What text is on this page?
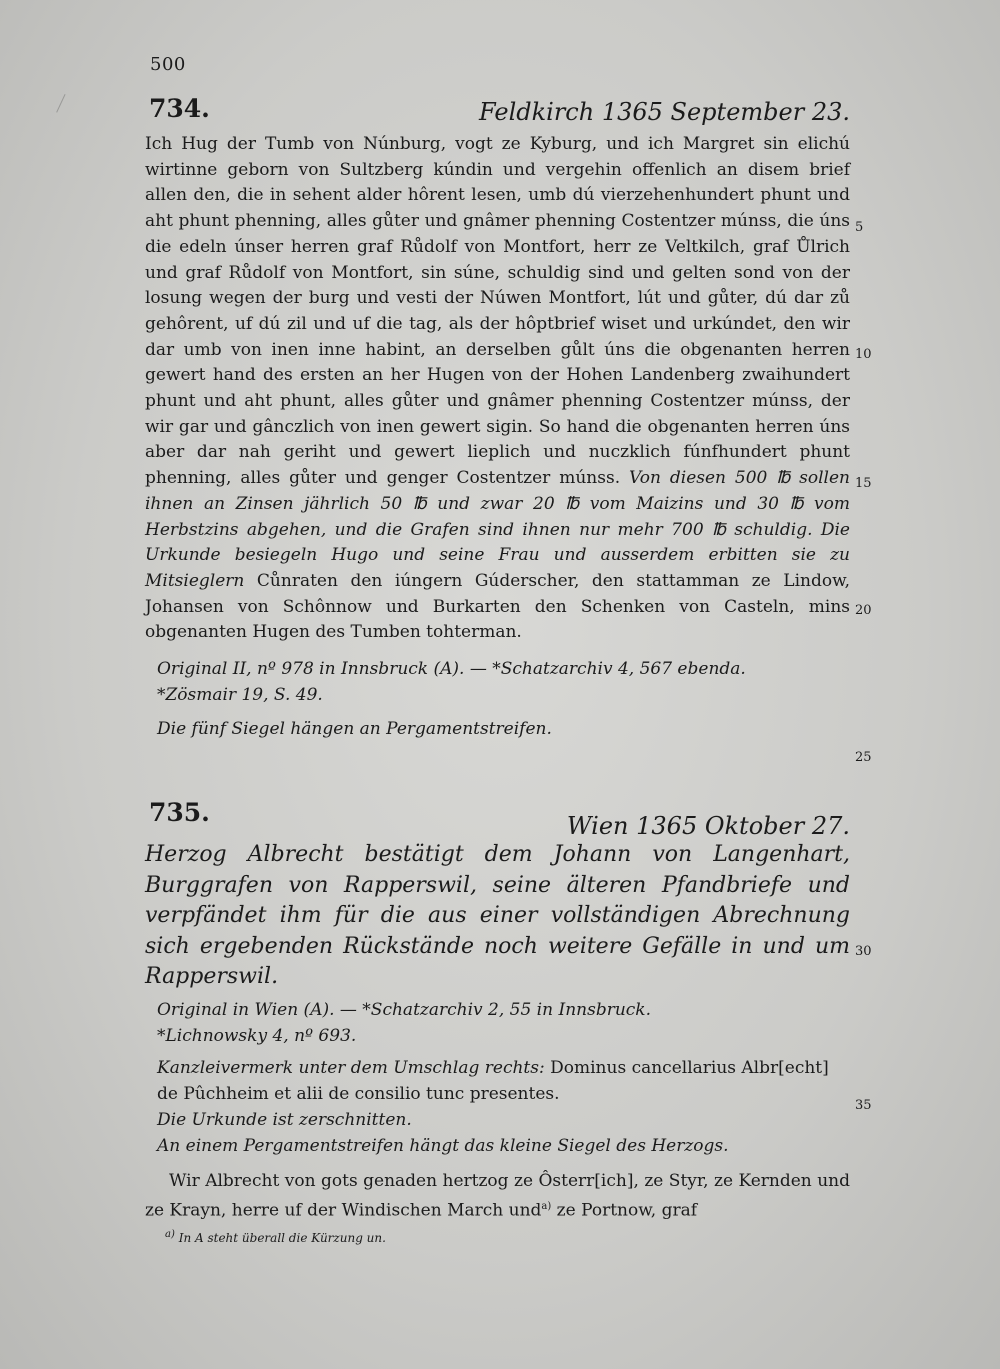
500
734.	Feldkirch 1365 September 23.
Ich Hug der Tumb von Núnburg, vogt ze Kyburg, und ich Margret sin elichú wirtinne geborn von Sultzberg kúndin und vergehin offenlich an disem brief allen den, die in sehent alder hôrent lesen, umb dú vierzehenhundert phunt und aht phunt phenning, alles gůter und gnâmer phenning Costentzer múnss, die úns die edeln únser herren graf Růdolf von Montfort, herr ze Veltkilch, graf Ůlrich und graf Růdolf von Montfort, sin súne, schuldig sind und gelten sond von der losung wegen der burg und vesti der Núwen Montfort, lút und gůter, dú dar zů gehôrent, uf dú zil und uf die tag, als der hôptbrief wiset und urkúndet, den wir dar umb von inen inne habint, an derselben gůlt úns die obgenanten herren gewert hand des ersten an her Hugen von der Hohen Landenberg zwaihundert phunt und aht phunt, alles gůter und gnâmer phenning Costentzer múnss, der wir gar und gânczlich von inen gewert sigin. So hand die obgenanten herren úns aber dar nah geriht und gewert lieplich und nuczklich fúnfhundert phunt phenning, alles gůter und genger Costentzer múnss. Von diesen 500 ℔ sollen ihnen an Zinsen jährlich 50 ℔ und zwar 20 ℔ vom Maizins und 30 ℔ vom Herbstzins abgehen, und die Grafen sind ihnen nur mehr 700 ℔ schuldig. Die Urkunde besiegeln Hugo und seine Frau und ausserdem erbitten sie zu Mitsieglern Cůnraten den iúngern Gúderscher, den stattamman ze Lindow, Johansen von Schônnow und Burkarten den Schenken von Casteln, mins obgenanten Hugen des Tumben tohterman.
Original II, nº 978 in Innsbruck (A). — *Schatzarchiv 4, 567 ebenda.
*Zösmair 19, S. 49.
Die fünf Siegel hängen an Pergamentstreifen.
735.	Wien 1365 Oktober 27.
Herzog Albrecht bestätigt dem Johann von Langenhart, Burggrafen von Rapperswil, seine älteren Pfandbriefe und verpfändet ihm für die aus einer vollständigen Abrechnung sich ergebenden Rückstände noch weitere Gefälle in und um Rapperswil.
Original in Wien (A). — *Schatzarchiv 2, 55 in Innsbruck.
*Lichnowsky 4, nº 693.
Kanzleivermerk unter dem Umschlag rechts: Dominus cancellarius Albr[echt] de Pûchheim et alii de consilio tunc presentes.
Die Urkunde ist zerschnitten.
An einem Pergamentstreifen hängt das kleine Siegel des Herzogs.
Wir Albrecht von gots genaden hertzog ze Ôsterr[ich], ze Styr, ze Kernden und ze Krayn, herre uf der Windischen March und$^{a)}$ ze Portnow, graf
$^{a)}$ In A steht überall die Kürzung un.
5
10
15
20
25
30
35
